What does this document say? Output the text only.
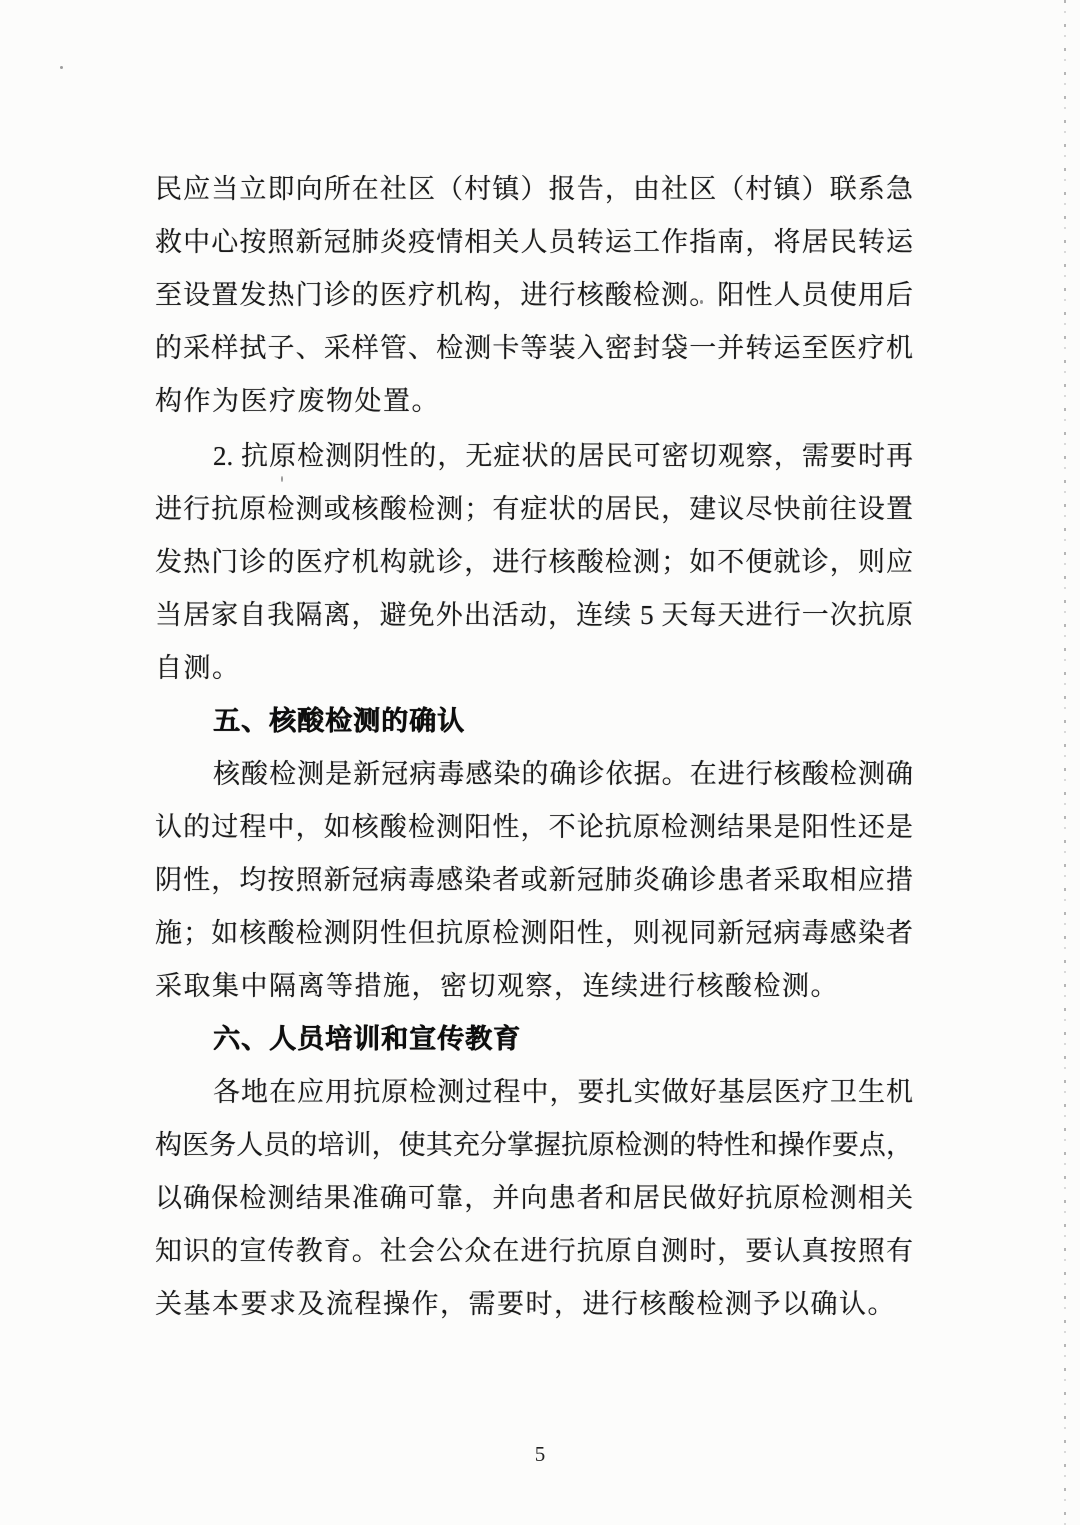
民应当立即向所在社区（村镇）报告，由社区（村镇）联系急
救中心按照新冠肺炎疫情相关人员转运工作指南，将居民转运
至设置发热门诊的医疗机构，进行核酸检测。阳性人员使用后
的采样拭子、采样管、检测卡等装入密封袋一并转运至医疗机
构作为医疗废物处置。

2. 抗原检测阴性的，无症状的居民可密切观察，需要时再
进行抗原检测或核酸检测；有症状的居民，建议尽快前往设置
发热门诊的医疗机构就诊，进行核酸检测；如不便就诊，则应
当居家自我隔离，避免外出活动，连续 5 天每天进行一次抗原
自测。

五、核酸检测的确认

核酸检测是新冠病毒感染的确诊依据。在进行核酸检测确
认的过程中，如核酸检测阳性，不论抗原检测结果是阳性还是
阴性，均按照新冠病毒感染者或新冠肺炎确诊患者采取相应措
施；如核酸检测阴性但抗原检测阳性，则视同新冠病毒感染者
采取集中隔离等措施，密切观察，连续进行核酸检测。

六、人员培训和宣传教育

各地在应用抗原检测过程中，要扎实做好基层医疗卫生机
构医务人员的培训，使其充分掌握抗原检测的特性和操作要点，
以确保检测结果准确可靠，并向患者和居民做好抗原检测相关
知识的宣传教育。社会公众在进行抗原自测时，要认真按照有
关基本要求及流程操作，需要时，进行核酸检测予以确认。

5
